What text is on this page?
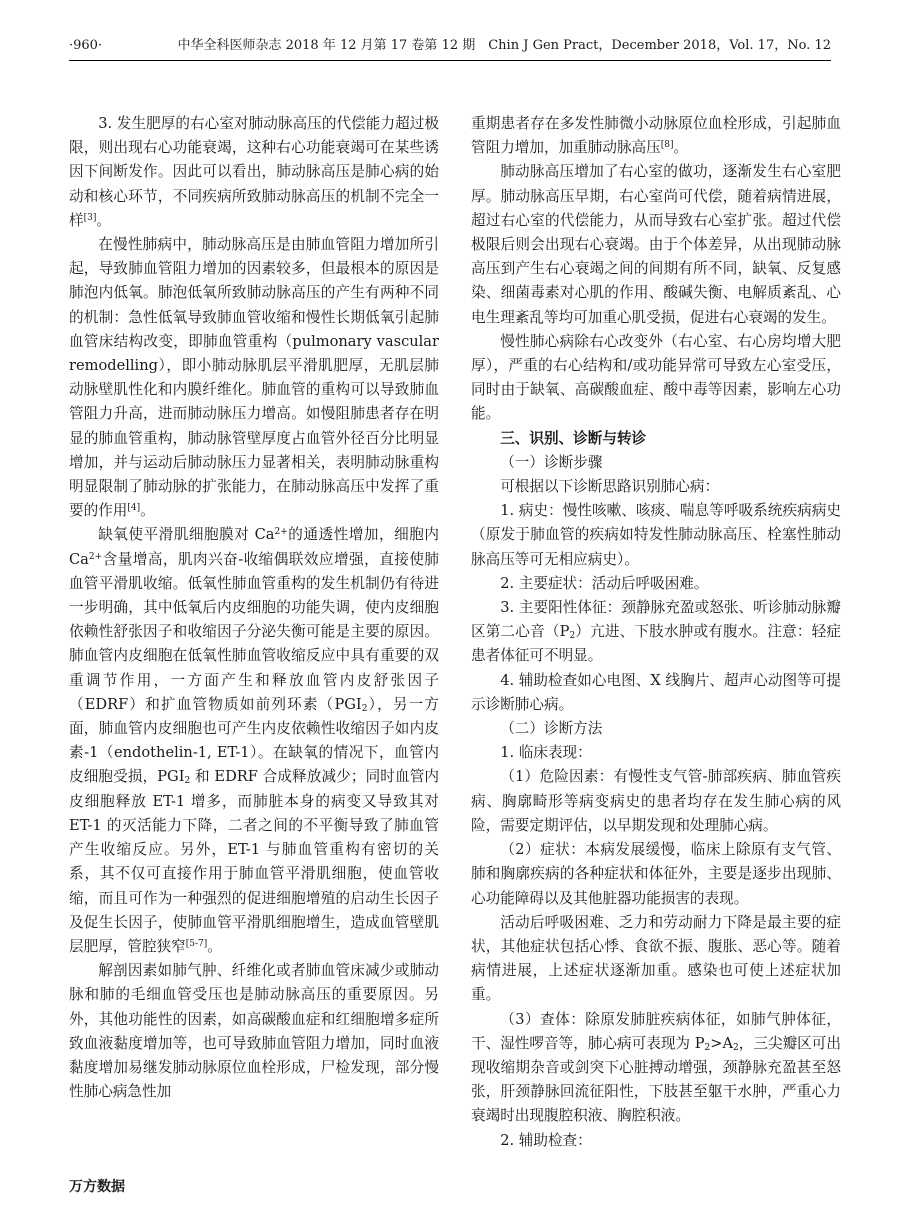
·960·	中华全科医师杂志 2018 年 12 月第 17 卷第 12 期　Chin J Gen Pract，December 2018，Vol. 17，No. 12

3. 发生肥厚的右心室对肺动脉高压的代偿能力超过极限，则出现右心功能衰竭，这种右心功能衰竭可在某些诱因下间断发作。因此可以看出，肺动脉高压是肺心病的始动和核心环节，不同疾病所致肺动脉高压的机制不完全一样[3]。

在慢性肺病中，肺动脉高压是由肺血管阻力增加所引起，导致肺血管阻力增加的因素较多，但最根本的原因是肺泡内低氧。肺泡低氧所致肺动脉高压的产生有两种不同的机制：急性低氧导致肺血管收缩和慢性长期低氧引起肺血管床结构改变，即肺血管重构（pulmonary vascular remodelling），即小肺动脉肌层平滑肌肥厚，无肌层肺动脉壁肌性化和内膜纤维化。肺血管的重构可以导致肺血管阻力升高，进而肺动脉压力增高。如慢阻肺患者存在明显的肺血管重构，肺动脉管壁厚度占血管外径百分比明显增加，并与运动后肺动脉压力显著相关，表明肺动脉重构明显限制了肺动脉的扩张能力，在肺动脉高压中发挥了重要的作用[4]。

缺氧使平滑肌细胞膜对 $Ca^{2+}$的通透性增加，细胞内 $Ca^{2+}$含量增高，肌肉兴奋-收缩偶联效应增强，直接使肺血管平滑肌收缩。低氧性肺血管重构的发生机制仍有待进一步明确，其中低氧后内皮细胞的功能失调，使内皮细胞依赖性舒张因子和收缩因子分泌失衡可能是主要的原因。肺血管内皮细胞在低氧性肺血管收缩反应中具有重要的双重调节作用，一方面产生和释放血管内皮舒张因子（EDRF）和扩血管物质如前列环素$(PGI_2)$，另一方面，肺血管内皮细胞也可产生内皮依赖性收缩因子如内皮素-1（endothelin-1, ET-1）。在缺氧的情况下，血管内皮细胞受损，$PGI_2$ 和 EDRF 合成释放减少；同时血管内皮细胞释放 ET-1 增多，而肺脏本身的病变又导致其对 ET-1 的灭活能力下降，二者之间的不平衡导致了肺血管产生收缩反应。另外，ET-1 与肺血管重构有密切的关系，其不仅可直接作用于肺血管平滑肌细胞，使血管收缩，而且可作为一种强烈的促进细胞增殖的启动生长因子及促生长因子，使肺血管平滑肌细胞增生，造成血管壁肌层肥厚，管腔狭窄[5-7]。

解剖因素如肺气肿、纤维化或者肺血管床减少或肺动脉和肺的毛细血管受压也是肺动脉高压的重要原因。另外，其他功能性的因素，如高碳酸血症和红细胞增多症所致血液黏度增加等，也可导致肺血管阻力增加，同时血液黏度增加易继发肺动脉原位血栓形成，尸检发现，部分慢性肺心病急性加

重期患者存在多发性肺微小动脉原位血栓形成，引起肺血管阻力增加，加重肺动脉高压[8]。

肺动脉高压增加了右心室的做功，逐渐发生右心室肥厚。肺动脉高压早期，右心室尚可代偿，随着病情进展，超过右心室的代偿能力，从而导致右心室扩张。超过代偿极限后则会出现右心衰竭。由于个体差异，从出现肺动脉高压到产生右心衰竭之间的间期有所不同，缺氧、反复感染、细菌毒素对心肌的作用、酸碱失衡、电解质紊乱、心电生理紊乱等均可加重心肌受损，促进右心衰竭的发生。

慢性肺心病除右心改变外（右心室、右心房均增大肥厚），严重的右心结构和/或功能异常可导致左心室受压，同时由于缺氧、高碳酸血症、酸中毒等因素，影响左心功能。

三、识别、诊断与转诊

（一）诊断步骤

可根据以下诊断思路识别肺心病：

1. 病史：慢性咳嗽、咳痰、喘息等呼吸系统疾病病史（原发于肺血管的疾病如特发性肺动脉高压、栓塞性肺动脉高压等可无相应病史）。

2. 主要症状：活动后呼吸困难。

3. 主要阳性体征：颈静脉充盈或怒张、听诊肺动脉瓣区第二心音$(P_2)$亢进、下肢水肿或有腹水。注意：轻症患者体征可不明显。

4. 辅助检查如心电图、X 线胸片、超声心动图等可提示诊断肺心病。

（二）诊断方法

1. 临床表现：

（1）危险因素：有慢性支气管-肺部疾病、肺血管疾病、胸廓畸形等病变病史的患者均存在发生肺心病的风险，需要定期评估，以早期发现和处理肺心病。

（2）症状：本病发展缓慢，临床上除原有支气管、肺和胸廓疾病的各种症状和体征外，主要是逐步出现肺、心功能障碍以及其他脏器功能损害的表现。

活动后呼吸困难、乏力和劳动耐力下降是最主要的症状，其他症状包括心悸、食欲不振、腹胀、恶心等。随着病情进展，上述症状逐渐加重。感染也可使上述症状加重。

（3）查体：除原发肺脏疾病体征，如肺气肿体征，干、湿性啰音等，肺心病可表现为 $P_2>A_2$，三尖瓣区可出现收缩期杂音或剑突下心脏搏动增强，颈静脉充盈甚至怒张，肝颈静脉回流征阳性，下肢甚至躯干水肿，严重心力衰竭时出现腹腔积液、胸腔积液。

2. 辅助检查：

万方数据
